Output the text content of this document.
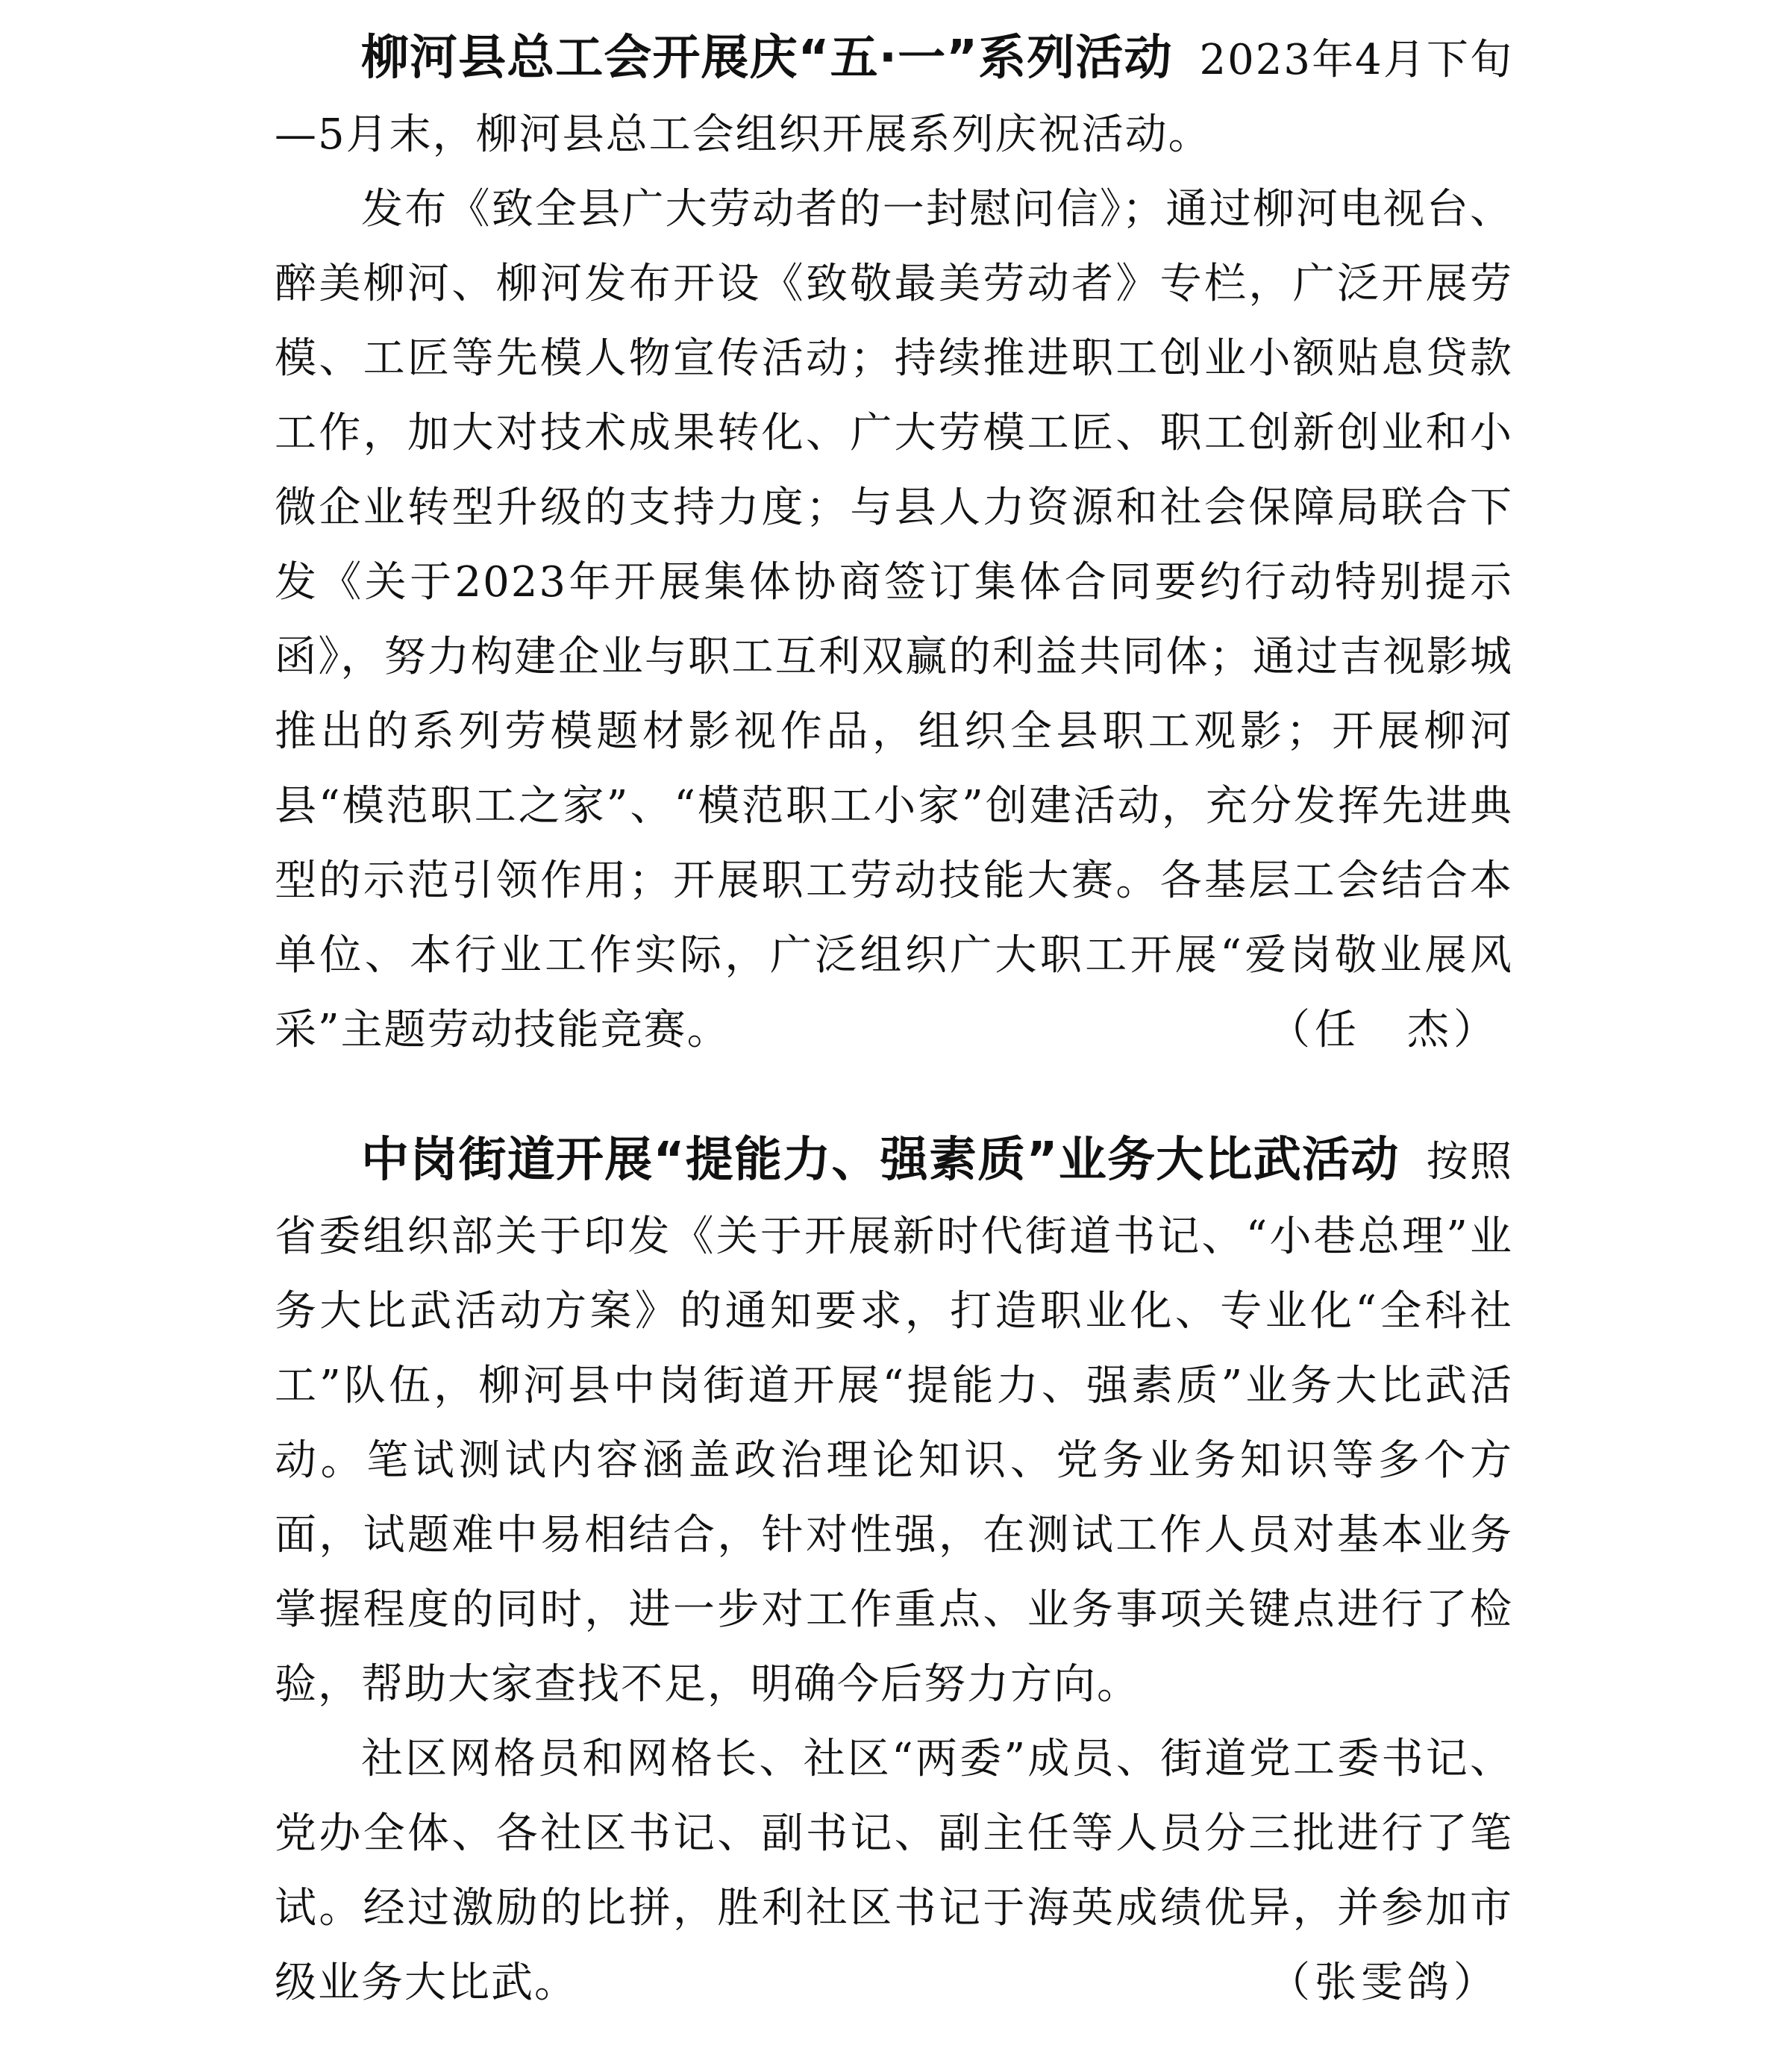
柳河县总工会开展庆“五·一”系列活动 2023年4月下旬—5月末，柳河县总工会组织开展系列庆祝活动。

发布《致全县广大劳动者的一封慰问信》；通过柳河电视台、醉美柳河、柳河发布开设《致敬最美劳动者》专栏，广泛开展劳模、工匠等先模人物宣传活动；持续推进职工创业小额贴息贷款工作，加大对技术成果转化、广大劳模工匠、职工创新创业和小微企业转型升级的支持力度；与县人力资源和社会保障局联合下发《关于2023年开展集体协商签订集体合同要约行动特别提示函》，努力构建企业与职工互利双赢的利益共同体；通过吉视影城推出的系列劳模题材影视作品，组织全县职工观影；开展柳河县“模范职工之家”、“模范职工小家”创建活动，充分发挥先进典型的示范引领作用；开展职工劳动技能大赛。各基层工会结合本单位、本行业工作实际，广泛组织广大职工开展“爱岗敬业展风采”主题劳动技能竞赛。	（任　杰）

中岗街道开展“提能力、强素质”业务大比武活动 按照省委组织部关于印发《关于开展新时代街道书记、“小巷总理”业务大比武活动方案》的通知要求，打造职业化、专业化“全科社工”队伍，柳河县中岗街道开展“提能力、强素质”业务大比武活动。笔试测试内容涵盖政治理论知识、党务业务知识等多个方面，试题难中易相结合，针对性强，在测试工作人员对基本业务掌握程度的同时，进一步对工作重点、业务事项关键点进行了检验，帮助大家查找不足，明确今后努力方向。

社区网格员和网格长、社区“两委”成员、街道党工委书记、党办全体、各社区书记、副书记、副主任等人员分三批进行了笔试。经过激励的比拼，胜利社区书记于海英成绩优异，并参加市级业务大比武。	（张雯鸽）
